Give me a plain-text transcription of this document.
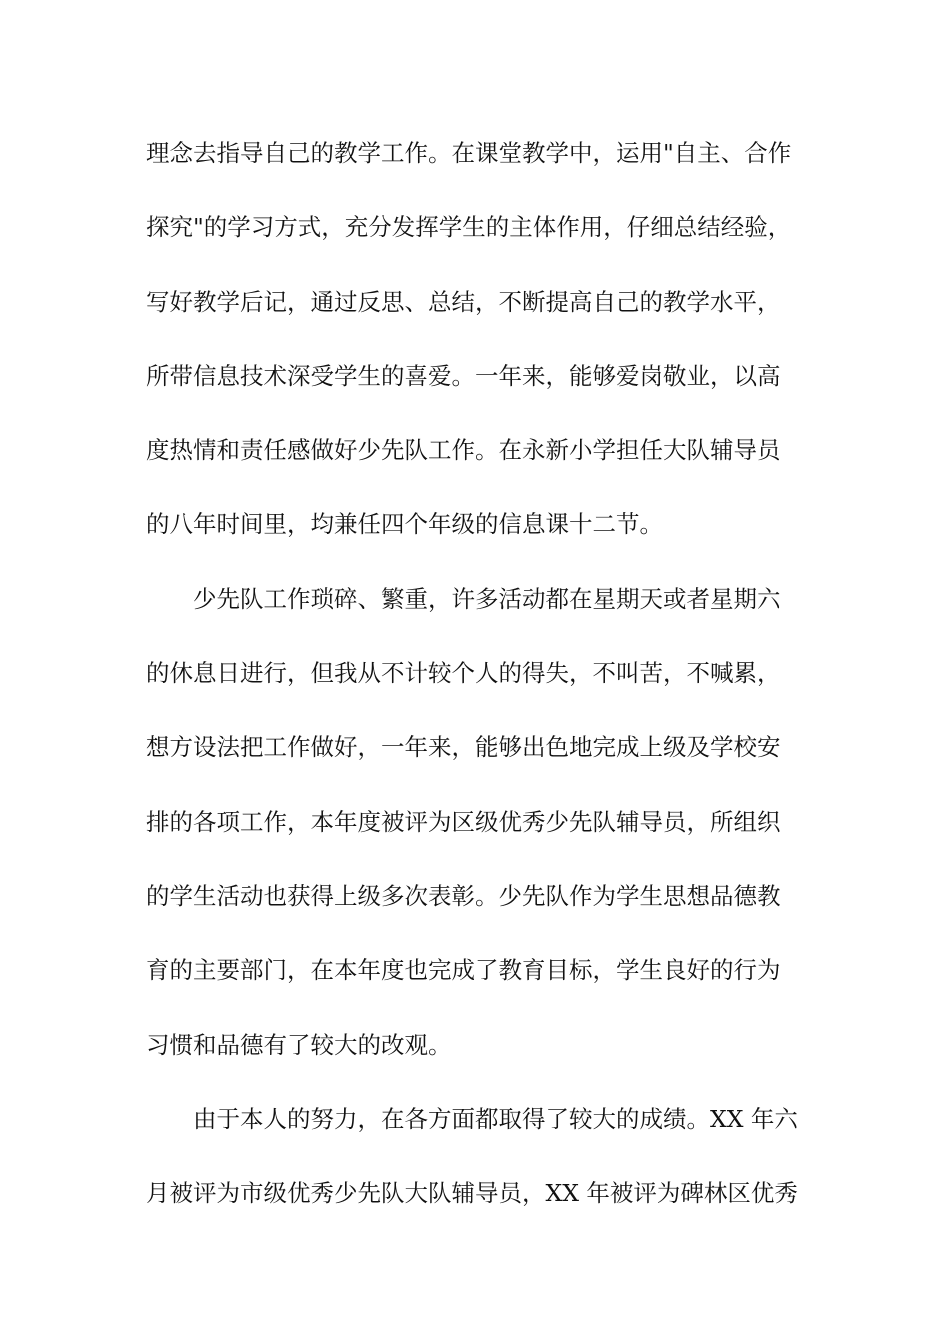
理念去指导自己的教学工作。在课堂教学中，运用"自主、合作
探究"的学习方式，充分发挥学生的主体作用，仔细总结经验，
写好教学后记，通过反思、总结，不断提高自己的教学水平，
所带信息技术深受学生的喜爱。一年来，能够爱岗敬业，以高
度热情和责任感做好少先队工作。在永新小学担任大队辅导员
的八年时间里，均兼任四个年级的信息课十二节。
少先队工作琐碎、繁重，许多活动都在星期天或者星期六
的休息日进行，但我从不计较个人的得失，不叫苦，不喊累，
想方设法把工作做好，一年来，能够出色地完成上级及学校安
排的各项工作，本年度被评为区级优秀少先队辅导员，所组织
的学生活动也获得上级多次表彰。少先队作为学生思想品德教
育的主要部门，在本年度也完成了教育目标，学生良好的行为
习惯和品德有了较大的改观。
由于本人的努力，在各方面都取得了较大的成绩。XX 年六
月被评为市级优秀少先队大队辅导员，XX 年被评为碑林区优秀
